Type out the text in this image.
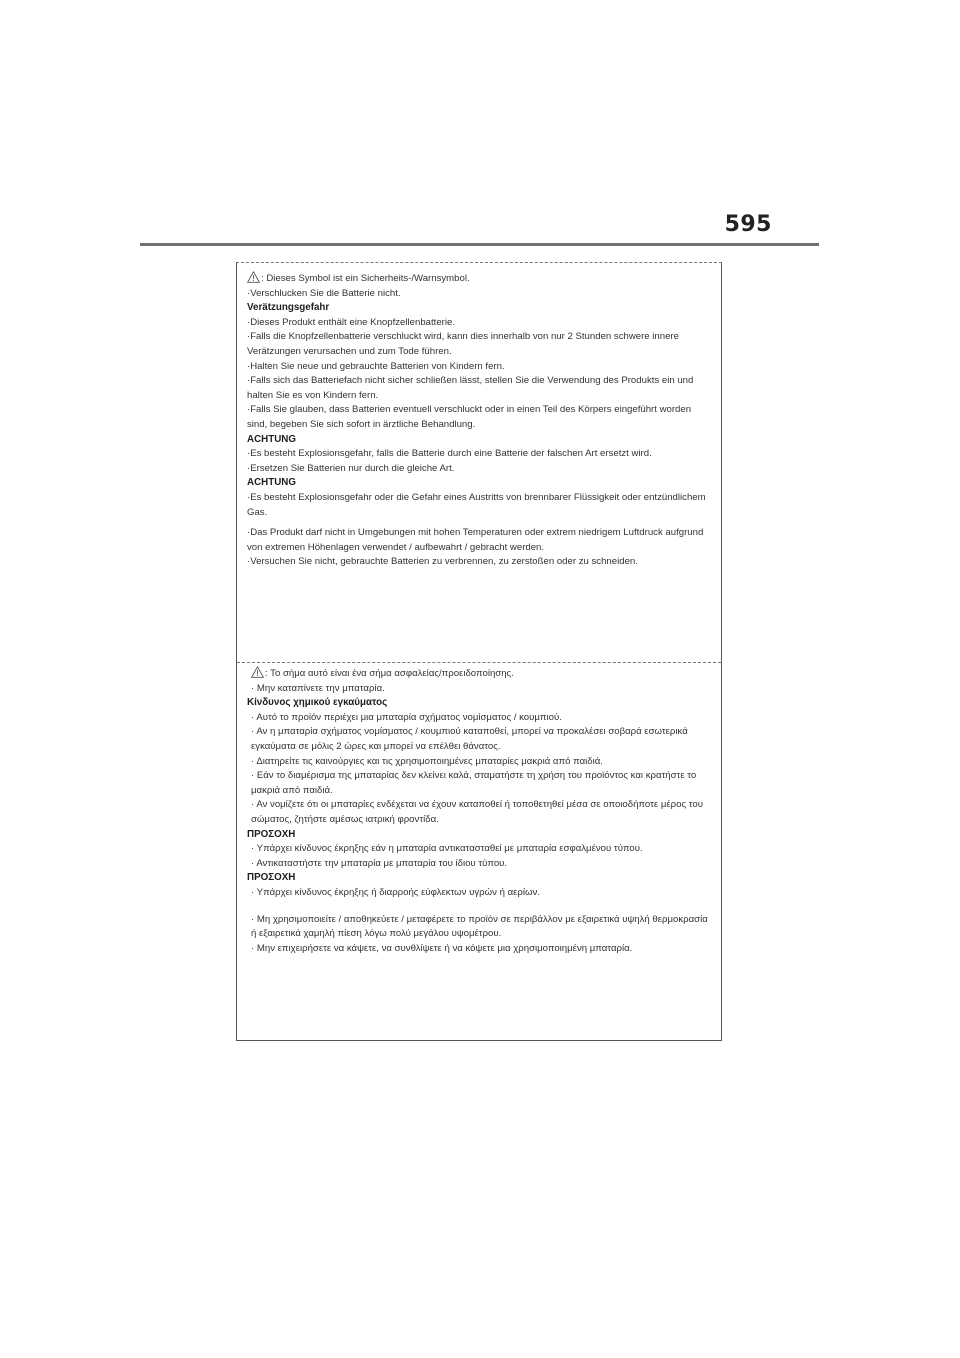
595

: Dieses Symbol ist ein Sicherheits-/Warnsymbol.

·Verschlucken Sie die Batterie nicht.

Verätzungsgefahr

·Dieses Produkt enthält eine Knopfzellenbatterie.

·Falls die Knopfzellenbatterie verschluckt wird, kann dies innerhalb von nur 2 Stunden schwere innere Verätzungen verursachen und zum Tode führen.

·Halten Sie neue und gebrauchte Batterien von Kindern fern.

·Falls sich das Batteriefach nicht sicher schließen lässt, stellen Sie die Verwendung des Produkts ein und halten Sie es von Kindern fern.

·Falls Sie glauben, dass Batterien eventuell verschluckt oder in einen Teil des Körpers eingeführt worden sind, begeben Sie sich sofort in ärztliche Behandlung.

ACHTUNG

·Es besteht Explosionsgefahr, falls die Batterie durch eine Batterie der falschen Art ersetzt wird.

·Ersetzen Sie Batterien nur durch die gleiche Art.

ACHTUNG

·Es besteht Explosionsgefahr oder die Gefahr eines Austritts von brennbarer Flüssigkeit oder entzündlichem Gas.

·Das Produkt darf nicht in Umgebungen mit hohen Temperaturen oder extrem niedrigem Luftdruck aufgrund von extremen Höhenlagen verwendet / aufbewahrt / gebracht werden.

·Versuchen Sie nicht, gebrauchte Batterien zu verbrennen, zu zerstoßen oder zu schneiden.

: Το σήμα αυτό είναι ένα σήμα ασφαλείας/προειδοποίησης.

· Μην καταπίνετε την μπαταρία.

Κίνδυνος χημικού εγκαύματος

· Αυτό το προϊόν περιέχει μια μπαταρία σχήματος νομίσματος / κουμπιού.

· Αν η μπαταρία σχήματος νομίσματος / κουμπιού καταποθεί, μπορεί να προκαλέσει σοβαρά εσωτερικά εγκαύματα σε μόλις 2 ώρες και μπορεί να επέλθει θάνατος.

· Διατηρείτε τις καινούργιες και τις χρησιμοποιημένες μπαταρίες μακριά από παιδιά.

· Εάν το διαμέρισμα της μπαταρίας δεν κλείνει καλά, σταματήστε τη χρήση του προϊόντος και κρατήστε το μακριά από παιδιά.

· Αν νομίζετε ότι οι μπαταρίες ενδέχεται να έχουν καταποθεί ή τοποθετηθεί μέσα σε οποιοδήποτε μέρος του σώματος, ζητήστε αμέσως ιατρική φροντίδα.

ΠΡΟΣΟΧΗ

· Υπάρχει κίνδυνος έκρηξης εάν η μπαταρία αντικατασταθεί με μπαταρία εσφαλμένου τύπου.

· Αντικαταστήστε την μπαταρία με μπαταρία του ίδιου τύπου.

ΠΡΟΣΟΧΗ

· Υπάρχει κίνδυνος έκρηξης ή διαρροής εύφλεκτων υγρών ή αερίων.

· Μη χρησιμοποιείτε / αποθηκεύετε / μεταφέρετε το προϊόν σε περιβάλλον με εξαιρετικά υψηλή θερμοκρασία ή εξαιρετικά χαμηλή πίεση λόγω πολύ μεγάλου υψομέτρου.

· Μην επιχειρήσετε να κάψετε, να συνθλίψετε ή να κόψετε μια χρησιμοποιημένη μπαταρία.
